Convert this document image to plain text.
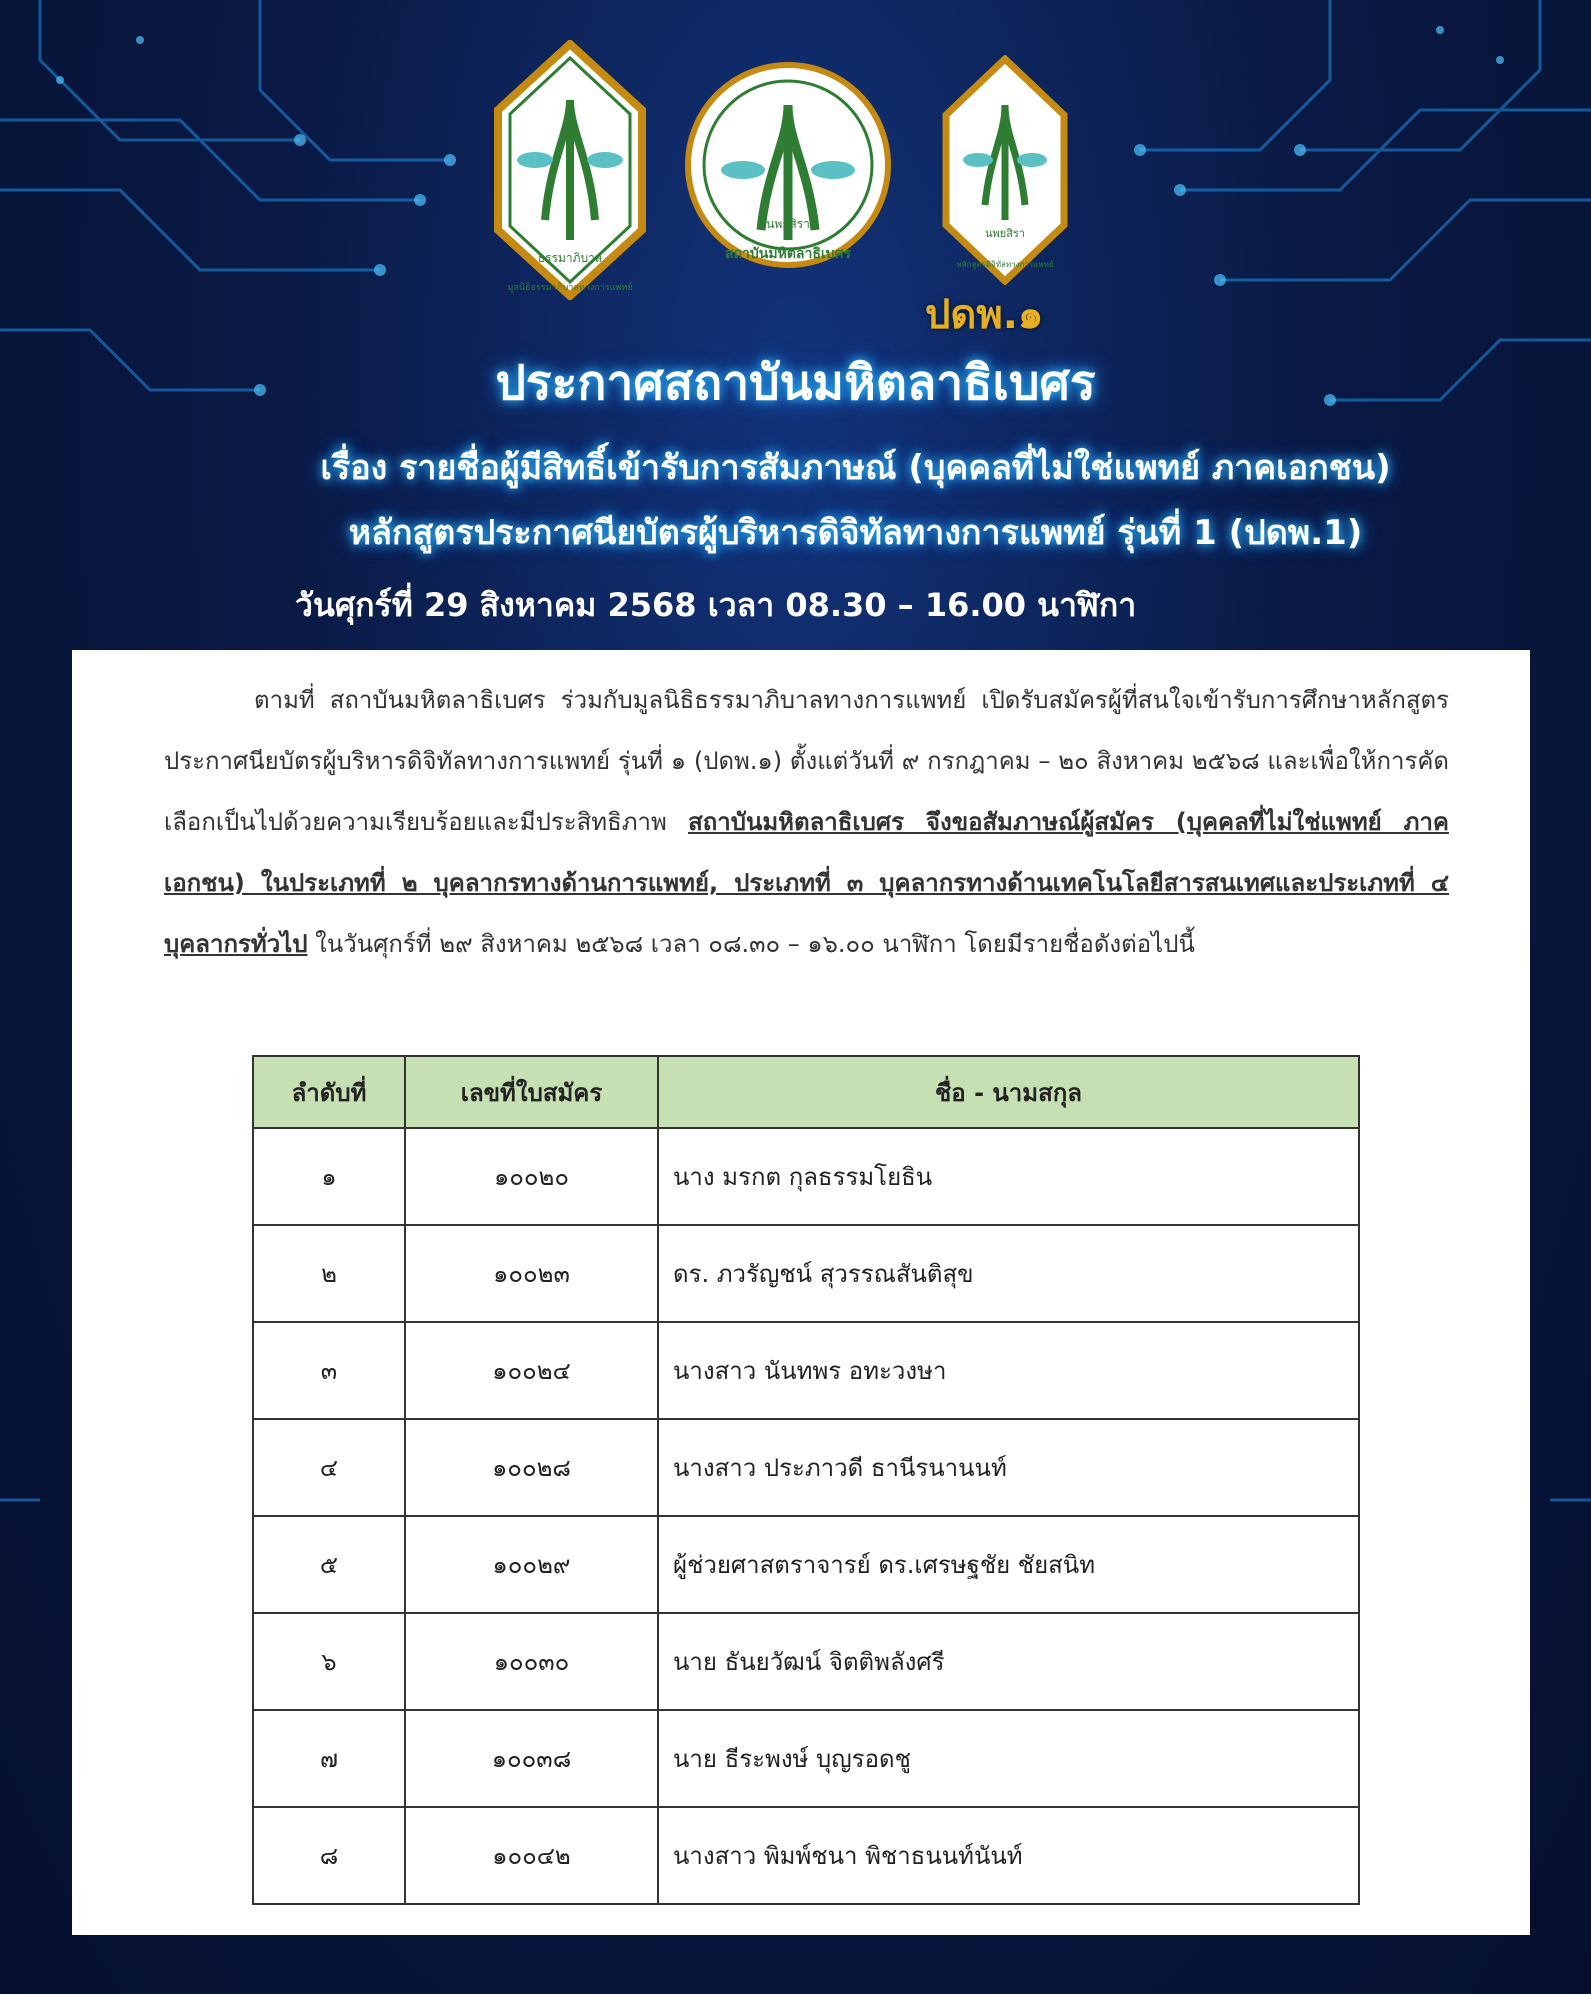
ธรรมาภิบาล
มูลนิธิธรรมาภิบาลทางการแพทย์
นพยสิรา
สถาบันมหิตลาธิเบศร
นพยสิรา
หลักสูตรดิจิทัลทางการแพทย์
ปดพ.๑
ประกาศสถาบันมหิตลาธิเบศร
เรื่อง รายชื่อผู้มีสิทธิ์เข้ารับการสัมภาษณ์ (บุคคลที่ไม่ใช่แพทย์ ภาคเอกชน)
หลักสูตรประกาศนียบัตรผู้บริหารดิจิทัลทางการแพทย์ รุ่นที่ 1 (ปดพ.1)
วันศุกร์ที่ 29 สิงหาคม 2568 เวลา 08.30 – 16.00 นาฬิกา
ตามที่ สถาบันมหิตลาธิเบศร ร่วมกับมูลนิธิธรรมาภิบาลทางการแพทย์ เปิดรับสมัครผู้ที่สนใจเข้ารับการศึกษาหลักสูตรประกาศนียบัตรผู้บริหารดิจิทัลทางการแพทย์ รุ่นที่ ๑ (ปดพ.๑) ตั้งแต่วันที่ ๙ กรกฎาคม – ๒๐ สิงหาคม ๒๕๖๘ และเพื่อให้การคัดเลือกเป็นไปด้วยความเรียบร้อยและมีประสิทธิภาพ สถาบันมหิตลาธิเบศร จึงขอสัมภาษณ์ผู้สมัคร (บุคคลที่ไม่ใช่แพทย์ ภาคเอกชน) ในประเภทที่ ๒ บุคลากรทางด้านการแพทย์, ประเภทที่ ๓ บุคลากรทางด้านเทคโนโลยีสารสนเทศและประเภทที่ ๔ บุคลากรทั่วไป ในวันศุกร์ที่ ๒๙ สิงหาคม ๒๕๖๘ เวลา ๐๘.๓๐ – ๑๖.๐๐ นาฬิกา โดยมีรายชื่อดังต่อไปนี้
ลำดับที่	เลขที่ใบสมัคร	ชื่อ - นามสกุล
๑	๑๐๐๒๐	นาง มรกต กุลธรรมโยธิน
๒	๑๐๐๒๓	ดร. ภวรัญชน์ สุวรรณสันติสุข
๓	๑๐๐๒๔	นางสาว นันทพร อทะวงษา
๔	๑๐๐๒๘	นางสาว ประภาวดี ธานีรนานนท์
๕	๑๐๐๒๙	ผู้ช่วยศาสตราจารย์ ดร.เศรษฐชัย ชัยสนิท
๖	๑๐๐๓๐	นาย ธันยวัฒน์ จิตติพลังศรี
๗	๑๐๐๓๘	นาย ธีระพงษ์ บุญรอดชู
๘	๑๐๐๔๒	นางสาว พิมพ์ชนา พิชาธนนท์นันท์
